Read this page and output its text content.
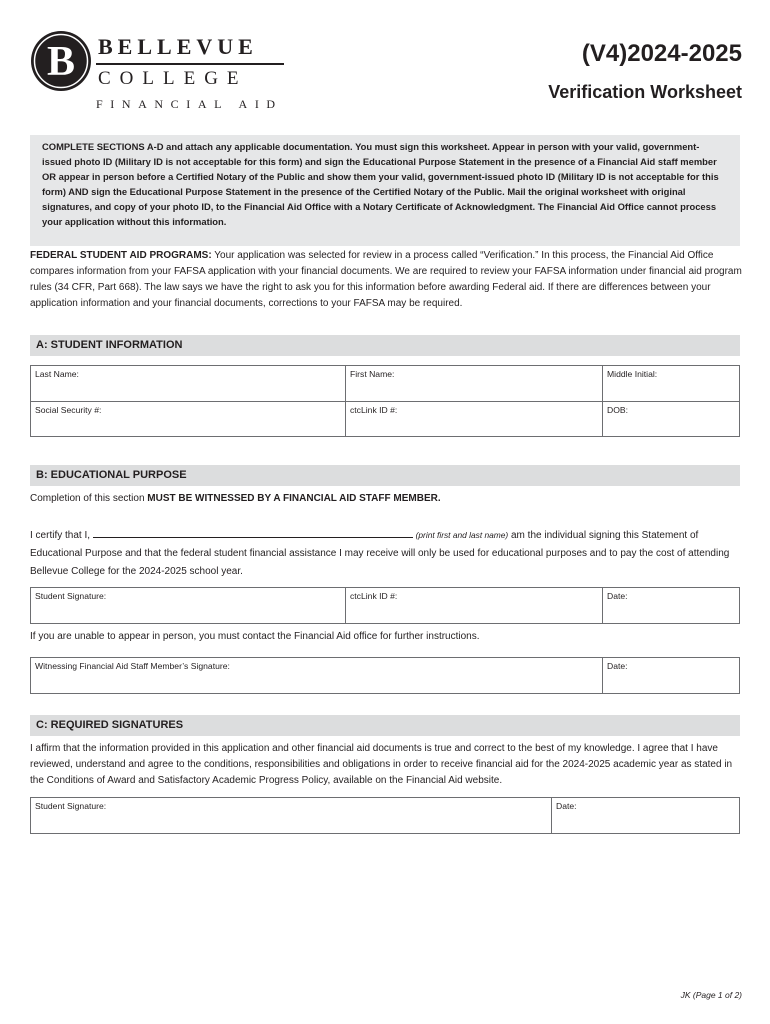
B BELLEVUE
COLLEGE
FINANCIAL AID
(V4)2024-2025
Verification Worksheet
COMPLETE SECTIONS A-D and attach any applicable documentation. You must sign this worksheet. Appear in person with your valid, government-issued photo ID (Military ID is not acceptable for this form) and sign the Educational Purpose Statement in the presence of a Financial Aid staff member OR appear in person before a Certified Notary of the Public and show them your valid, government-issued photo ID (Military ID is not acceptable for this form) AND sign the Educational Purpose Statement in the presence of the Certified Notary of the Public. Mail the original worksheet with original signatures, and copy of your photo ID, to the Financial Aid Office with a Notary Certificate of Acknowledgment. The Financial Aid Office cannot process your application without this information.
FEDERAL STUDENT AID PROGRAMS: Your application was selected for review in a process called “Verification.” In this process, the Financial Aid Office compares information from your FAFSA application with your financial documents. We are required to review your FAFSA information under financial aid program rules (34 CFR, Part 668). The law says we have the right to ask you for this information before awarding Federal aid. If there are differences between your application information and your financial documents, corrections to your FAFSA may be required.
A: STUDENT INFORMATION
Last Name:	First Name:	Middle Initial:
Social Security #:	ctcLink ID #:	DOB:
B: EDUCATIONAL PURPOSE
Completion of this section MUST BE WITNESSED BY A FINANCIAL AID STAFF MEMBER.
I certify that I,	(print first and last name) am the individual signing this Statement of Educational Purpose and that the federal student financial assistance I may receive will only be used for educational purposes and to pay the cost of attending Bellevue College for the 2024-2025 school year.
Student Signature:	ctcLink ID #:	Date:
If you are unable to appear in person, you must contact the Financial Aid office for further instructions.
Witnessing Financial Aid Staff Member’s Signature:	Date:
C: REQUIRED SIGNATURES
I affirm that the information provided in this application and other financial aid documents is true and correct to the best of my knowledge. I agree that I have reviewed, understand and agree to the conditions, responsibilities and obligations in order to receive financial aid for the 2024-2025 academic year as stated in the Conditions of Award and Satisfactory Academic Progress Policy, available on the Financial Aid website.
Student Signature:	Date:
JK (Page 1 of 2)
